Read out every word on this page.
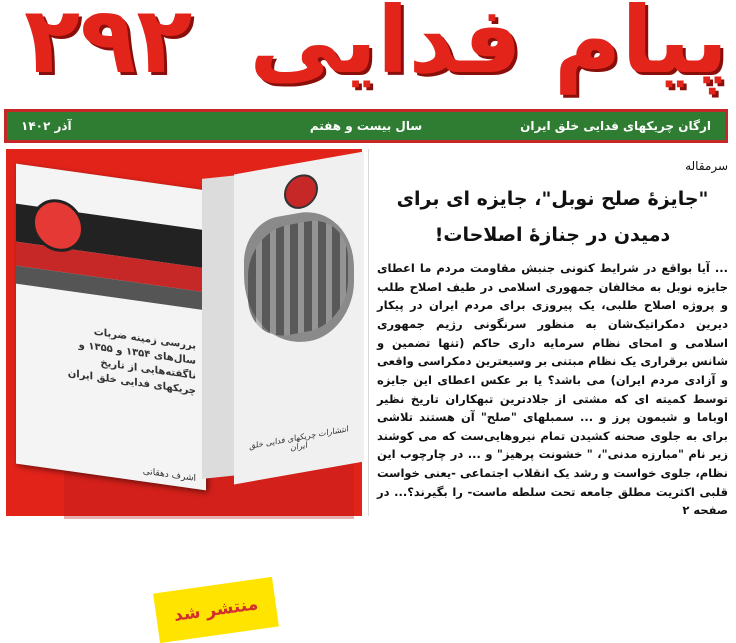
پیام فدایی
۲۹۲
ارگان چریکهای فدایی خلق ایران
سال بیست و هفتم
آذر ۱۴۰۲
بررسی زمینه ضربات سال‌های ۱۳۵۴ و ۱۳۵۵ و ناگفته‌هایی از تاریخ چریکهای فدایی خلق ایران
اشرف دهقانی
انتشارات چریکهای فدایی خلق ایران
منتشر شد
سرمقاله
"جایزۀ صلح نوبل"، جایزه ای برای
دمیدن در جنازۀ اصلاحات!
... آیا بواقع در شرایط کنونی جنبش مقاومت مردم ما اعطای جایزه نوبل به مخالفان جمهوری اسلامی در طیف اصلاح طلب و پروژه اصلاح طلبی، یک پیروزی برای مردم ایران در پیکار دیرین دمکراتیک‌شان به منظور سرنگونی رژیم جمهوری اسلامی و امحای نظام سرمایه داری حاکم (تنها تضمین و شانس برقراری یک نظام مبتنی بر وسیعترین دمکراسی واقعی و آزادی مردم ایران) می باشد؟ یا بر عکس اعطای این جایزه توسط کمیته ای که مشتی از جلادترین تبهکاران تاریخ نظیر اوباما و شیمون پرز و ... سمبلهای "صلح" آن هستند تلاشی برای به جلوی صحنه کشیدن تمام نیروهایی‌ست که می کوشند زیر نام "مبارزه مدنی"، " خشونت پرهیز" و ... در چارچوب این نظام، جلوی خواست و رشد یک انقلاب اجتماعی -یعنی خواست قلبی اکثریت مطلق جامعه تحت سلطه ماست- را بگیرند؟... در صفحه ۲
